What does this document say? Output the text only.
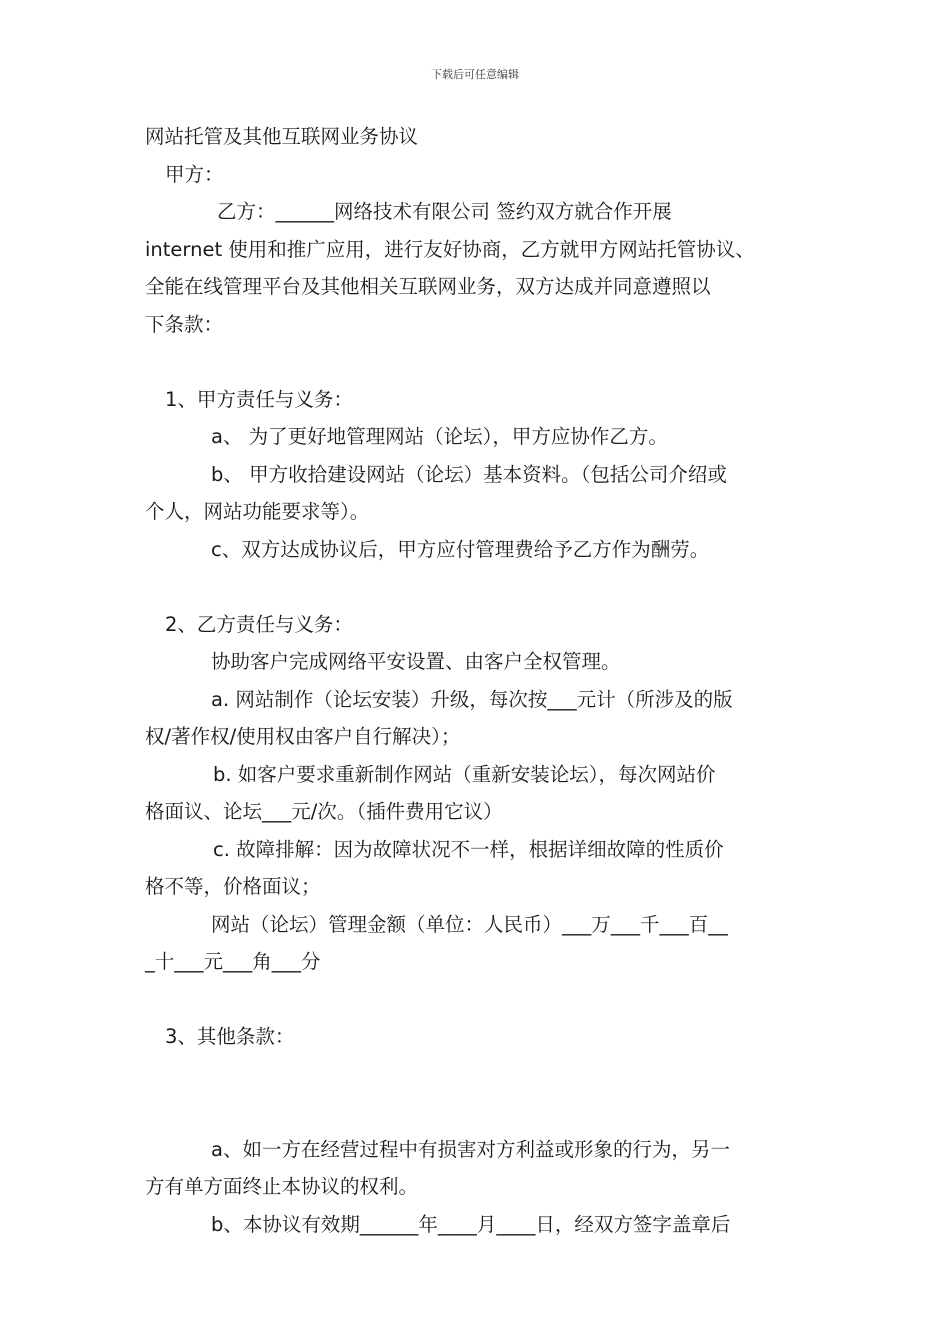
下载后可任意编辑
网站托管及其他互联网业务协议
甲方：
乙方：______网络技术有限公司 签约双方就合作开展
internet 使用和推广应用，进行友好协商，乙方就甲方网站托管协议、
全能在线管理平台及其他相关互联网业务，双方达成并同意遵照以
下条款：
1、甲方责任与义务：
a、 为了更好地管理网站（论坛），甲方应协作乙方。
b、 甲方收拾建设网站（论坛）基本资料。（包括公司介绍或
个人，网站功能要求等）。
c、双方达成协议后，甲方应付管理费给予乙方作为酬劳。
2、乙方责任与义务：
协助客户完成网络平安设置、由客户全权管理。
a. 网站制作（论坛安装）升级，每次按___元计（所涉及的版
权/著作权/使用权由客户自行解决）；
b. 如客户要求重新制作网站（重新安装论坛），每次网站价
格面议、论坛___元/次。（插件费用它议）
c. 故障排解：因为故障状况不一样，根据详细故障的性质价
格不等，价格面议；
网站（论坛）管理金额（单位：人民币）___万___千___百__
_十___元___角___分
3、其他条款：
a、如一方在经营过程中有损害对方利益或形象的行为，另一
方有单方面终止本协议的权利。
b、本协议有效期______年____月____日，经双方签字盖章后
